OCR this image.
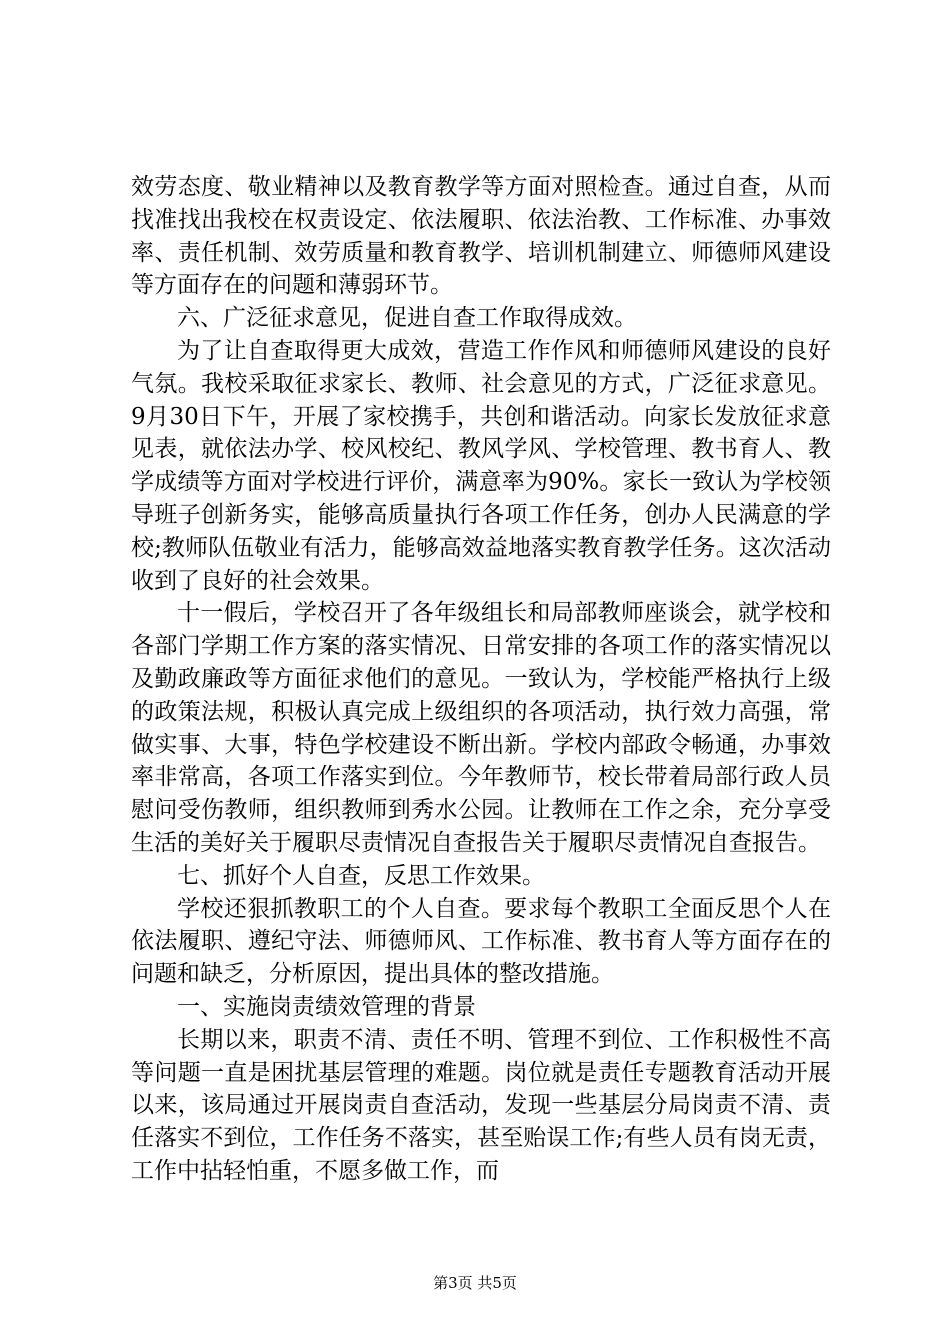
效劳态度、敬业精神以及教育教学等方面对照检查。通过自查，从而找准找出我校在权责设定、依法履职、依法治教、工作标准、办事效率、责任机制、效劳质量和教育教学、培训机制建立、师德师风建设等方面存在的问题和薄弱环节。

六、广泛征求意见，促进自查工作取得成效。

为了让自查取得更大成效，营造工作作风和师德师风建设的良好气氛。我校采取征求家长、教师、社会意见的方式，广泛征求意见。9月30日下午，开展了家校携手，共创和谐活动。向家长发放征求意见表，就依法办学、校风校纪、教风学风、学校管理、教书育人、教学成绩等方面对学校进行评价，满意率为90%。家长一致认为学校领导班子创新务实，能够高质量执行各项工作任务，创办人民满意的学校;教师队伍敬业有活力，能够高效益地落实教育教学任务。这次活动收到了良好的社会效果。

十一假后，学校召开了各年级组长和局部教师座谈会，就学校和各部门学期工作方案的落实情况、日常安排的各项工作的落实情况以及勤政廉政等方面征求他们的意见。一致认为，学校能严格执行上级的政策法规，积极认真完成上级组织的各项活动，执行效力高强，常做实事、大事，特色学校建设不断出新。学校内部政令畅通，办事效率非常高，各项工作落实到位。今年教师节，校长带着局部行政人员慰问受伤教师，组织教师到秀水公园。让教师在工作之余，充分享受生活的美好关于履职尽责情况自查报告关于履职尽责情况自查报告。

七、抓好个人自查，反思工作效果。

学校还狠抓教职工的个人自查。要求每个教职工全面反思个人在依法履职、遵纪守法、师德师风、工作标准、教书育人等方面存在的问题和缺乏，分析原因，提出具体的整改措施。

一、实施岗责绩效管理的背景

长期以来，职责不清、责任不明、管理不到位、工作积极性不高等问题一直是困扰基层管理的难题。岗位就是责任专题教育活动开展以来，该局通过开展岗责自查活动，发现一些基层分局岗责不清、责任落实不到位，工作任务不落实，甚至贻误工作;有些人员有岗无责，工作中拈轻怕重，不愿多做工作，而

第3页 共5页
